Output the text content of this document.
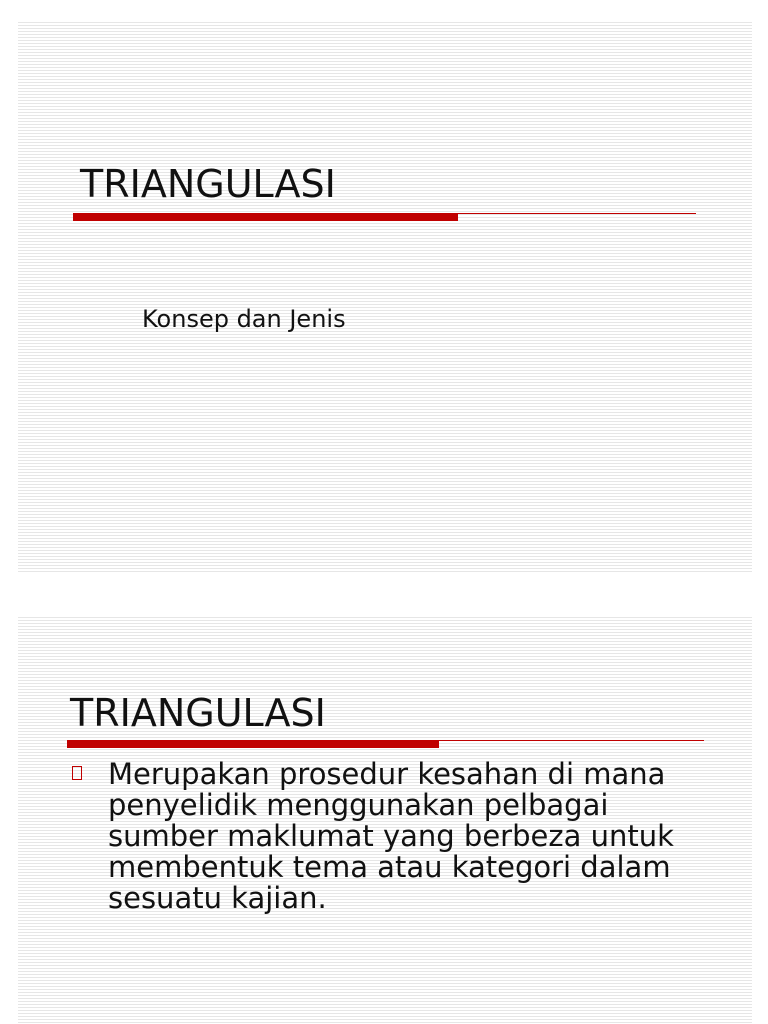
TRIANGULASI
Konsep dan Jenis
TRIANGULASI

Merupakan prosedur kesahan di mana penyelidik menggunakan pelbagai sumber maklumat yang berbeza untuk membentuk tema atau kategori dalam sesuatu kajian.
